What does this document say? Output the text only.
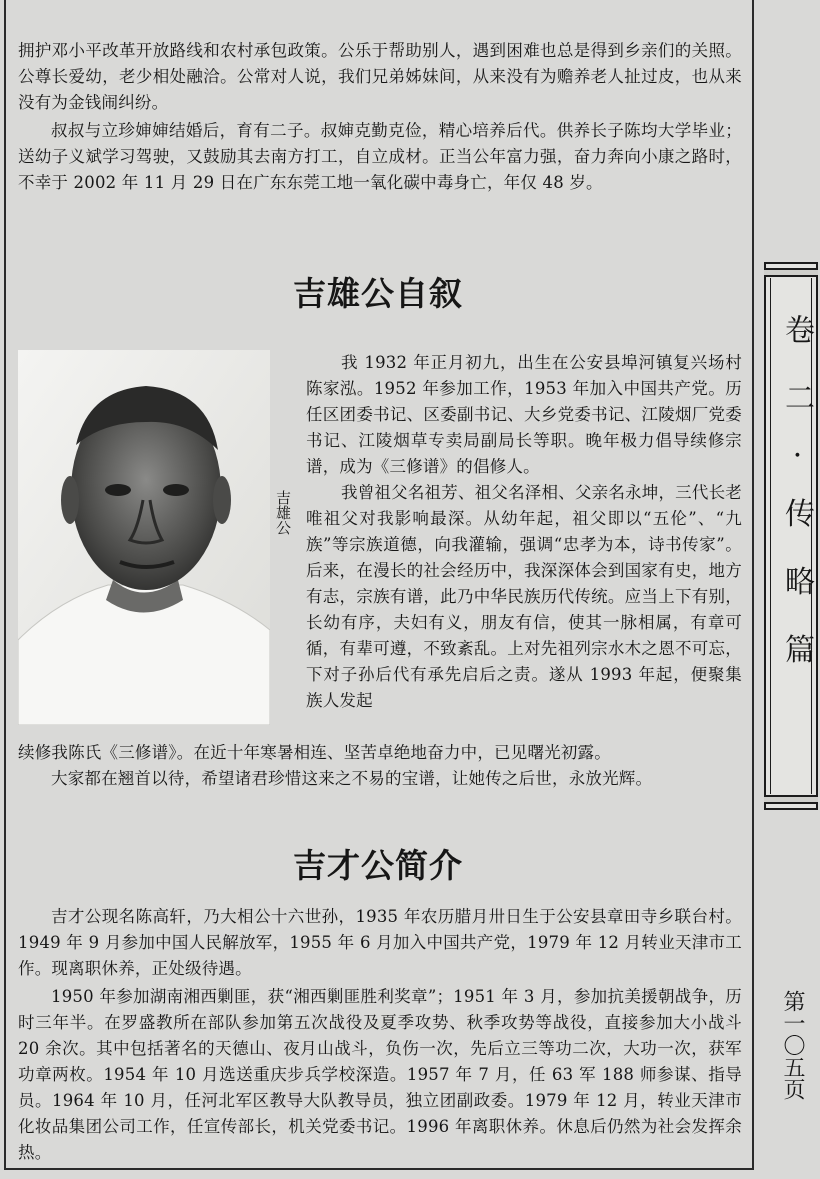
拥护邓小平改革开放路线和农村承包政策。公乐于帮助别人，遇到困难也总是得到乡亲们的关照。公尊长爱幼，老少相处融洽。公常对人说，我们兄弟姊妹间，从来没有为赡养老人扯过皮，也从来没有为金钱闹纠纷。

叔叔与立珍婶婶结婚后，育有二子。叔婶克勤克俭，精心培养后代。供养长子陈均大学毕业；送幼子义斌学习驾驶，又鼓励其去南方打工，自立成材。正当公年富力强，奋力奔向小康之路时，不幸于 2002 年 11 月 29 日在广东东莞工地一氧化碳中毒身亡，年仅 48 岁。

吉雄公自叙
吉雄公

我 1932 年正月初九，出生在公安县埠河镇复兴场村陈家泓。1952 年参加工作，1953 年加入中国共产党。历任区团委书记、区委副书记、大乡党委书记、江陵烟厂党委书记、江陵烟草专卖局副局长等职。晚年极力倡导续修宗谱，成为《三修谱》的倡修人。

我曾祖父名祖芳、祖父名泽相、父亲名永坤，三代长老唯祖父对我影响最深。从幼年起，祖父即以“五伦”、“九族”等宗族道德，向我灌输，强调“忠孝为本，诗书传家”。后来，在漫长的社会经历中，我深深体会到国家有史，地方有志，宗族有谱，此乃中华民族历代传统。应当上下有别，长幼有序，夫妇有义，朋友有信，使其一脉相属，有章可循，有辈可遵，不致紊乱。上对先祖列宗水木之恩不可忘，下对子孙后代有承先启后之责。遂从 1993 年起，便聚集族人发起

续修我陈氏《三修谱》。在近十年寒暑相连、坚苦卓绝地奋力中，已见曙光初露。

大家都在翘首以待，希望诸君珍惜这来之不易的宝谱，让她传之后世，永放光辉。

吉才公简介

吉才公现名陈高轩，乃大相公十六世孙，1935 年农历腊月卅日生于公安县章田寺乡联台村。1949 年 9 月参加中国人民解放军，1955 年 6 月加入中国共产党，1979 年 12 月转业天津市工作。现离职休养，正处级待遇。

1950 年参加湖南湘西剿匪，获“湘西剿匪胜利奖章”；1951 年 3 月，参加抗美援朝战争，历时三年半。在罗盛教所在部队参加第五次战役及夏季攻势、秋季攻势等战役，直接参加大小战斗 20 余次。其中包括著名的天德山、夜月山战斗，负伤一次，先后立三等功二次，大功一次，获军功章两枚。1954 年 10 月选送重庆步兵学校深造。1957 年 7 月，任 63 军 188 师参谋、指导员。1964 年 10 月，任河北军区教导大队教导员，独立团副政委。1979 年 12 月，转业天津市化妆品集团公司工作，任宣传部长，机关党委书记。1996 年离职休养。休息后仍然为社会发挥余热。

卷二·传略篇
第一〇五页
